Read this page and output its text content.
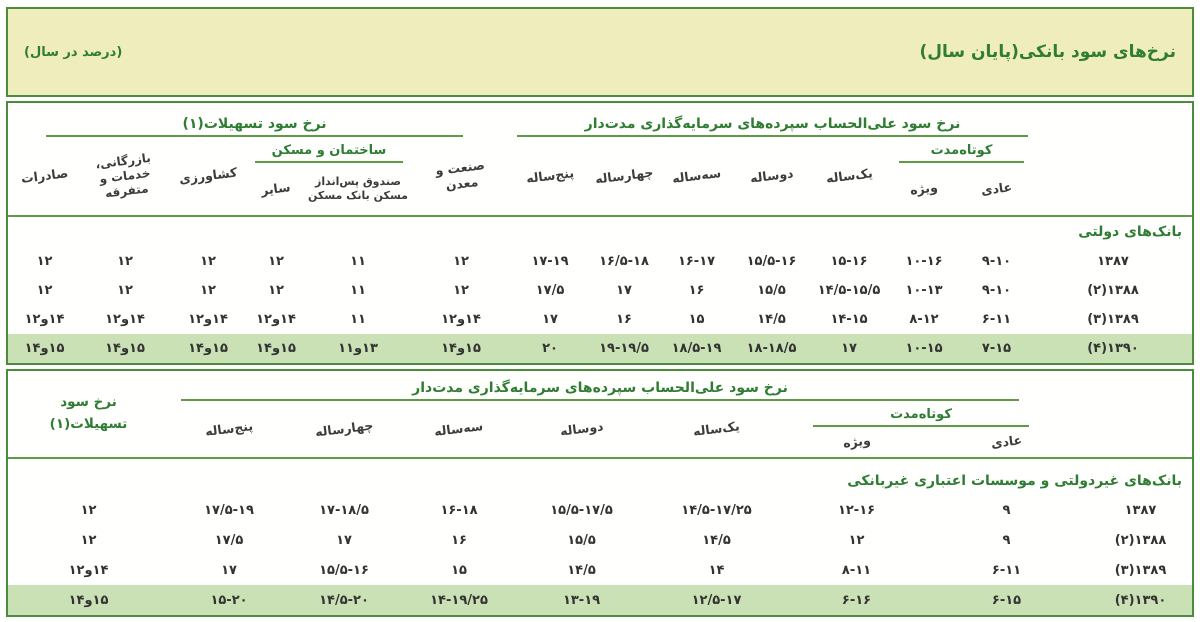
نرخ‌های سود بانکی(پایان سال)
(درصد در سال)
نرخ سود علی‌الحساب سپرده‌های سرمایه‌گذاری مدت‌دار
نرخ سود تسهیلات(۱)
کوتاه‌مدت
ساختمان و مسکن
عادی
ویژه
یک‌ساله
دوساله
سه‌ساله
چهارساله
پنج‌ساله
صنعت و معدن
صندوق پس‌انداز مسکن بانک مسکن
سایر
کشاورزی
بازرگانی، خدمات و متفرقه
صادرات
بانک‌های دولتی
۱۳۸۷
۹-۱۰
۱۰-۱۶
۱۵-۱۶
۱۵/۵-۱۶
۱۶-۱۷
۱۶/۵-۱۸
۱۷-۱۹
۱۲
۱۱
۱۲
۱۲
۱۲
۱۲
۱۳۸۸(۲)
۹-۱۰
۱۰-۱۳
۱۴/۵-۱۵/۵
۱۵/۵
۱۶
۱۷
۱۷/۵
۱۲
۱۱
۱۲
۱۲
۱۲
۱۲
۱۳۸۹(۳)
۶-۱۱
۸-۱۲
۱۴-۱۵
۱۴/۵
۱۵
۱۶
۱۷
۱۴و۱۲
۱۱
۱۴و۱۲
۱۴و۱۲
۱۴و۱۲
۱۴و۱۲
۱۳۹۰(۴)
۷-۱۵
۱۰-۱۵
۱۷
۱۸-۱۸/۵
۱۸/۵-۱۹
۱۹-۱۹/۵
۲۰
۱۵و۱۴
۱۳و۱۱
۱۵و۱۴
۱۵و۱۴
۱۵و۱۴
۱۵و۱۴
نرخ سود علی‌الحساب سپرده‌های سرمایه‌گذاری مدت‌دار
کوتاه‌مدت
نرخ سود تسهیلات(۱)
عادی
ویژه
یک‌ساله
دوساله
سه‌ساله
چهارساله
پنج‌ساله
بانک‌های غیردولتی و موسسات اعتباری غیربانکی
۱۳۸۷
۹
۱۲-۱۶
۱۴/۵-۱۷/۲۵
۱۵/۵-۱۷/۵
۱۶-۱۸
۱۷-۱۸/۵
۱۷/۵-۱۹
۱۲
۱۳۸۸(۲)
۹
۱۲
۱۴/۵
۱۵/۵
۱۶
۱۷
۱۷/۵
۱۲
۱۳۸۹(۳)
۶-۱۱
۸-۱۱
۱۴
۱۴/۵
۱۵
۱۵/۵-۱۶
۱۷
۱۴و۱۲
۱۳۹۰(۴)
۶-۱۵
۶-۱۶
۱۲/۵-۱۷
۱۳-۱۹
۱۴-۱۹/۲۵
۱۴/۵-۲۰
۱۵-۲۰
۱۵و۱۴
